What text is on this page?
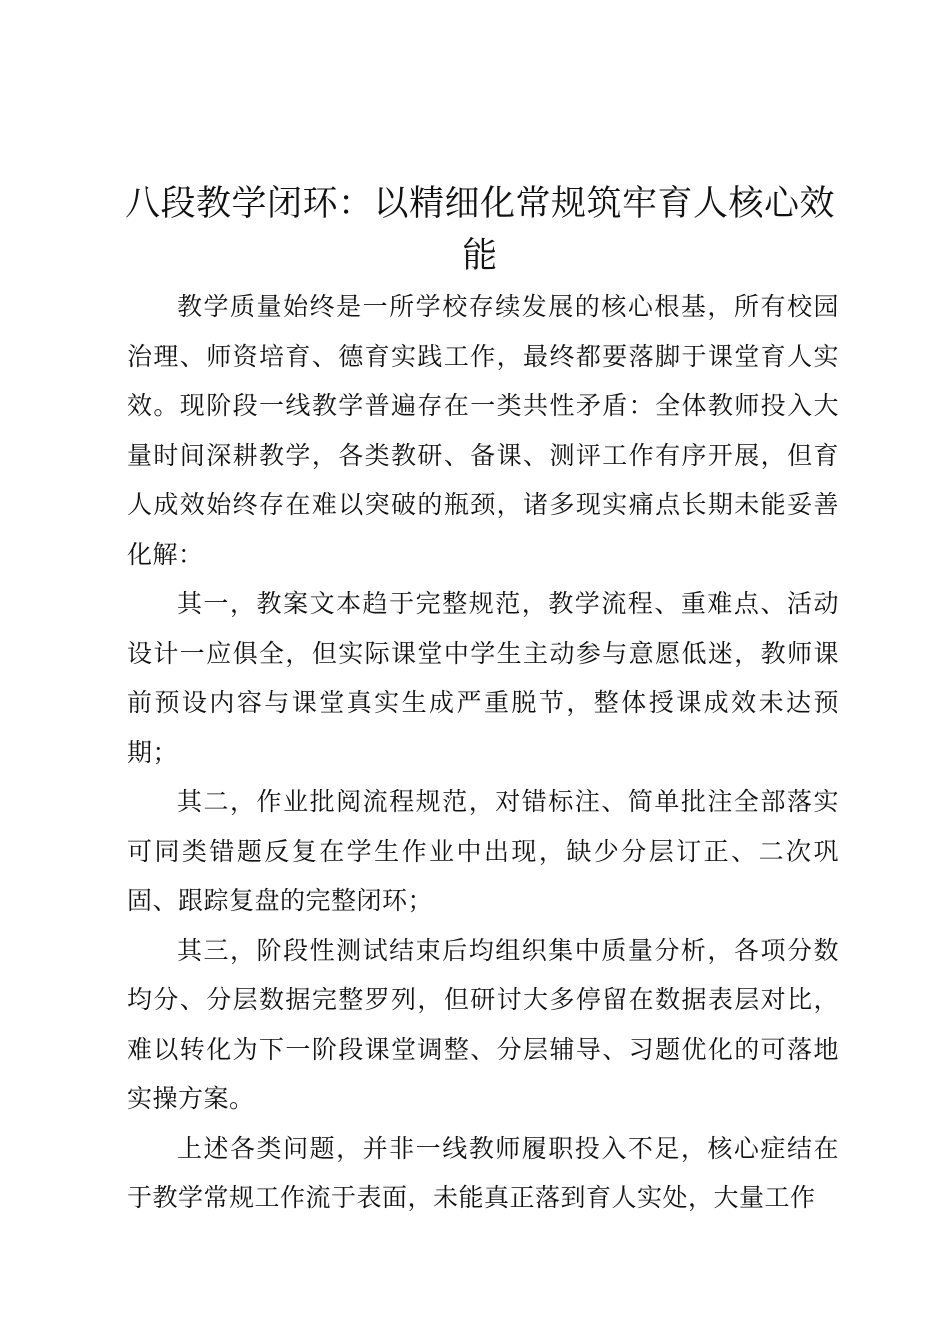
八段教学闭环：以精细化常规筑牢育人核心效能

教学质量始终是一所学校存续发展的核心根基，所有校园治理、师资培育、德育实践工作，最终都要落脚于课堂育人实效。现阶段一线教学普遍存在一类共性矛盾：全体教师投入大量时间深耕教学，各类教研、备课、测评工作有序开展，但育人成效始终存在难以突破的瓶颈，诸多现实痛点长期未能妥善化解：

其一，教案文本趋于完整规范，教学流程、重难点、活动设计一应俱全，但实际课堂中学生主动参与意愿低迷，教师课前预设内容与课堂真实生成严重脱节，整体授课成效未达预期；

其二，作业批阅流程规范，对错标注、简单批注全部落实可同类错题反复在学生作业中出现，缺少分层订正、二次巩固、跟踪复盘的完整闭环；

其三，阶段性测试结束后均组织集中质量分析，各项分数均分、分层数据完整罗列，但研讨大多停留在数据表层对比，难以转化为下一阶段课堂调整、分层辅导、习题优化的可落地实操方案。

上述各类问题，并非一线教师履职投入不足，核心症结在于教学常规工作流于表面，未能真正落到育人实处，大量工作
